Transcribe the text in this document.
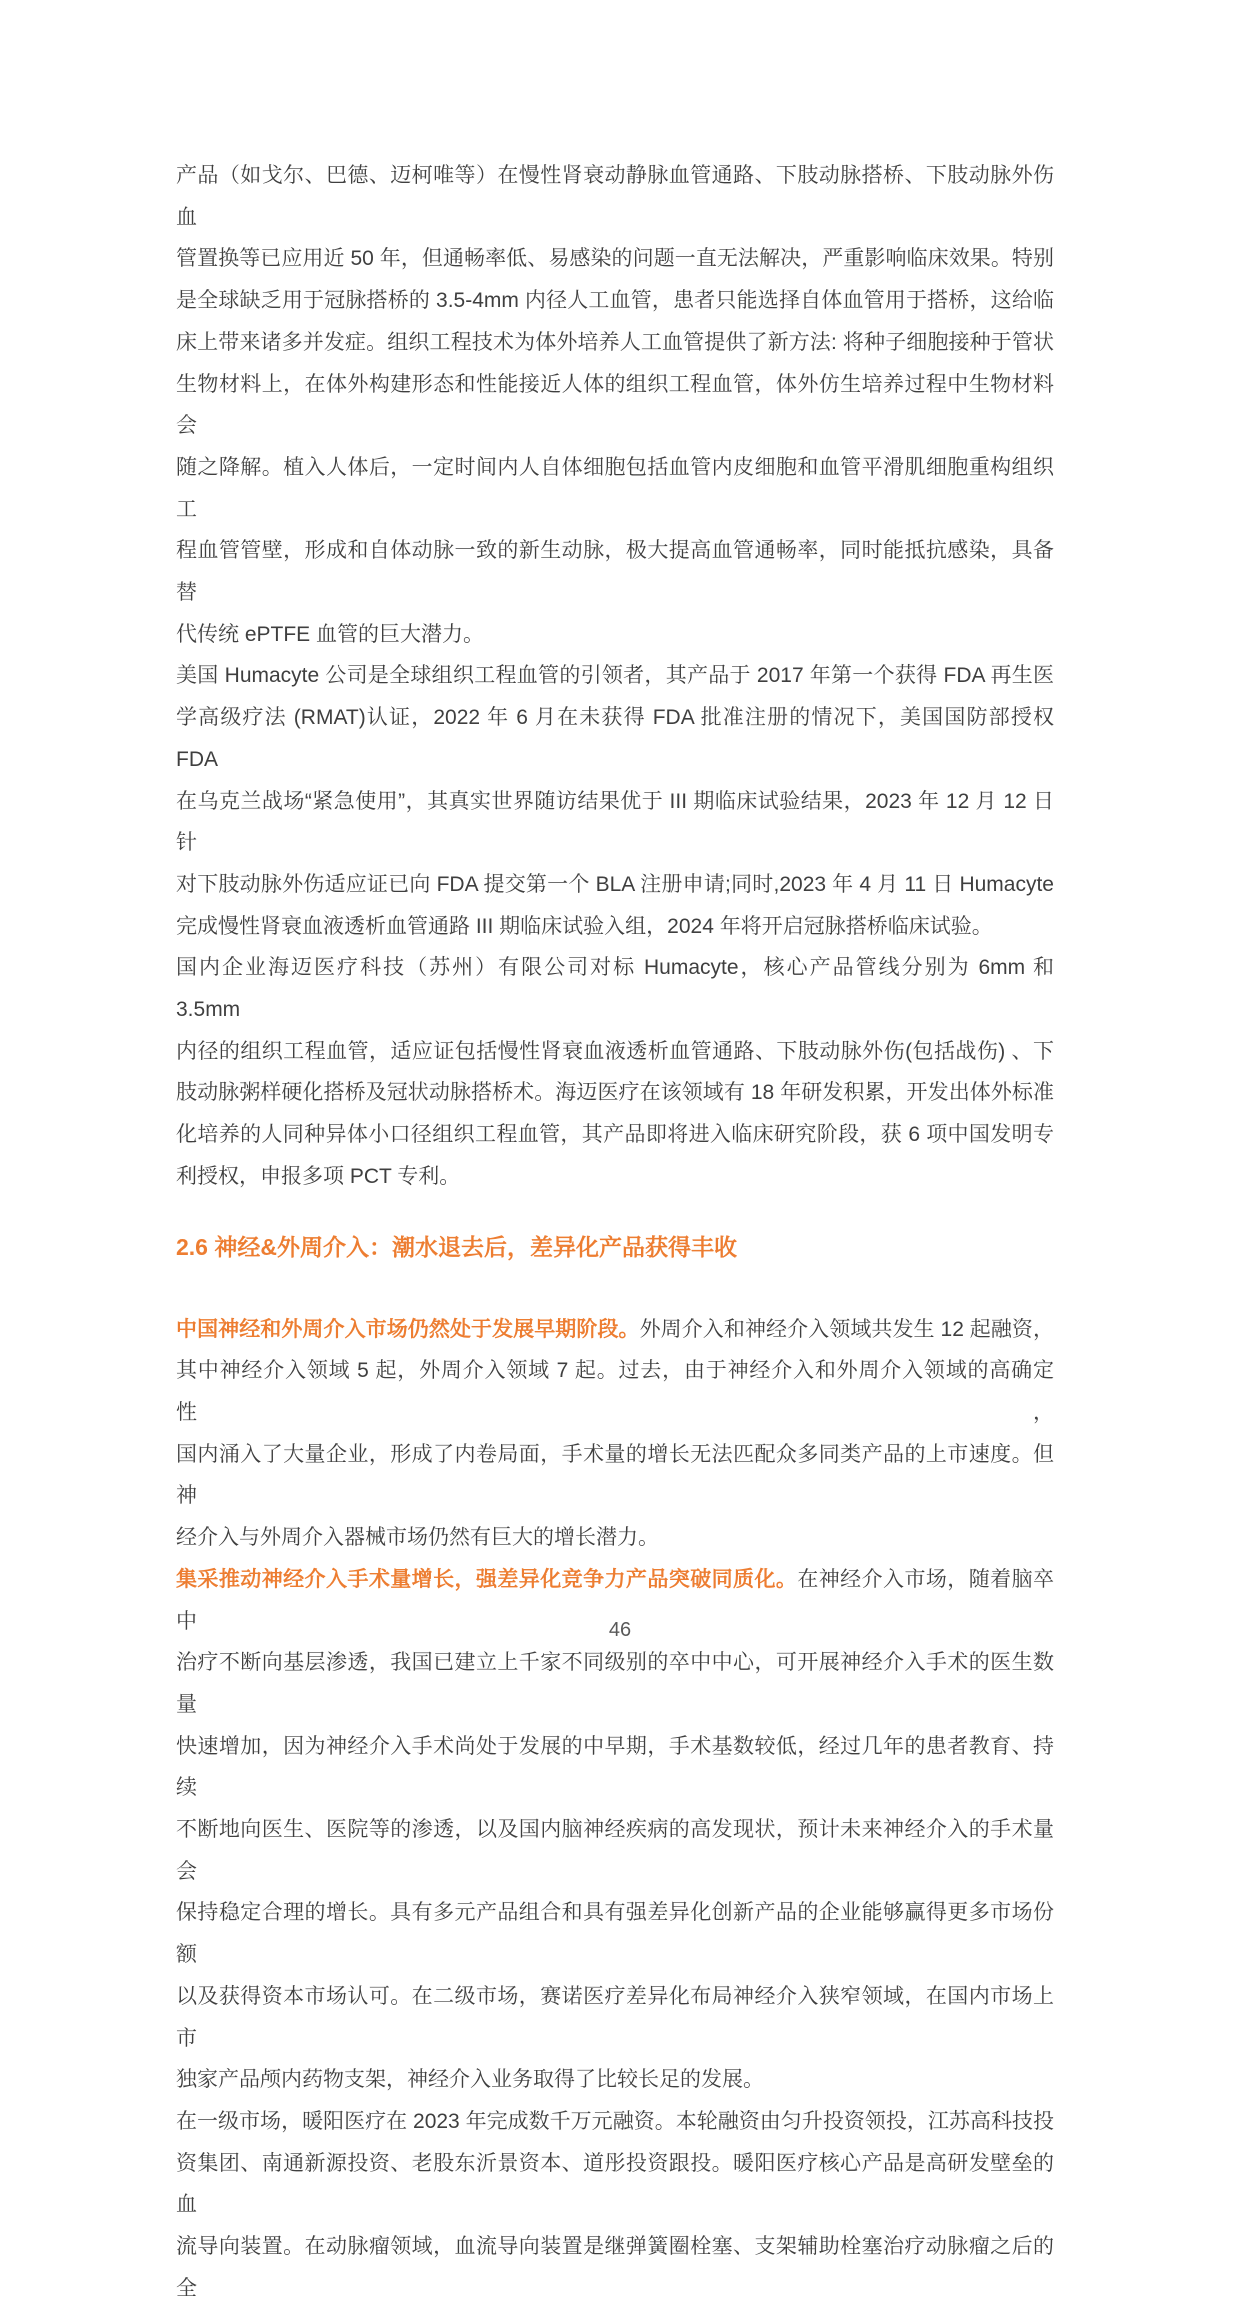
产品（如戈尔、巴德、迈柯唯等）在慢性肾衰动静脉血管通路、下肢动脉搭桥、下肢动脉外伤血
管置换等已应用近 50 年，但通畅率低、易感染的问题一直无法解决，严重影响临床效果。特别
是全球缺乏用于冠脉搭桥的 3.5-4mm 内径人工血管，患者只能选择自体血管用于搭桥，这给临
床上带来诸多并发症。组织工程技术为体外培养人工血管提供了新方法: 将种子细胞接种于管状
生物材料上，在体外构建形态和性能接近人体的组织工程血管，体外仿生培养过程中生物材料会
随之降解。植入人体后，一定时间内人自体细胞包括血管内皮细胞和血管平滑肌细胞重构组织工
程血管管壁，形成和自体动脉一致的新生动脉，极大提高血管通畅率，同时能抵抗感染，具备替
代传统 ePTFE 血管的巨大潜力。
美国 Humacyte 公司是全球组织工程血管的引领者，其产品于 2017 年第一个获得 FDA 再生医
学高级疗法 (RMAT)认证，2022 年 6 月在未获得 FDA 批准注册的情况下，美国国防部授权 FDA
在乌克兰战场“紧急使用”，其真实世界随访结果优于 III 期临床试验结果，2023 年 12 月 12 日针
对下肢动脉外伤适应证已向 FDA 提交第一个 BLA 注册申请;同时,2023 年 4 月 11 日 Humacyte
完成慢性肾衰血液透析血管通路 III 期临床试验入组，2024 年将开启冠脉搭桥临床试验。
国内企业海迈医疗科技（苏州）有限公司对标 Humacyte，核心产品管线分别为 6mm 和 3.5mm
内径的组织工程血管，适应证包括慢性肾衰血液透析血管通路、下肢动脉外伤(包括战伤) 、下
肢动脉粥样硬化搭桥及冠状动脉搭桥术。海迈医疗在该领域有 18 年研发积累，开发出体外标准
化培养的人同种异体小口径组织工程血管，其产品即将进入临床研究阶段，获 6 项中国发明专
利授权，申报多项 PCT 专利。
2.6 神经&外周介入：潮水退去后，差异化产品获得丰收
中国神经和外周介入市场仍然处于发展早期阶段。外周介入和神经介入领域共发生 12 起融资，
其中神经介入领域 5 起，外周介入领域 7 起。过去，由于神经介入和外周介入领域的高确定性，
国内涌入了大量企业，形成了内卷局面，手术量的增长无法匹配众多同类产品的上市速度。但神
经介入与外周介入器械市场仍然有巨大的增长潜力。
集采推动神经介入手术量增长，强差异化竞争力产品突破同质化。在神经介入市场，随着脑卒中
治疗不断向基层渗透，我国已建立上千家不同级别的卒中中心，可开展神经介入手术的医生数量
快速增加，因为神经介入手术尚处于发展的中早期，手术基数较低，经过几年的患者教育、持续
不断地向医生、医院等的渗透，以及国内脑神经疾病的高发现状，预计未来神经介入的手术量会
保持稳定合理的增长。具有多元产品组合和具有强差异化创新产品的企业能够赢得更多市场份额
以及获得资本市场认可。在二级市场，赛诺医疗差异化布局神经介入狭窄领域，在国内市场上市
独家产品颅内药物支架，神经介入业务取得了比较长足的发展。
在一级市场，暖阳医疗在 2023 年完成数千万元融资。本轮融资由匀升投资领投，江苏高科技投
资集团、南通新源投资、老股东沂景资本、道彤投资跟投。暖阳医疗核心产品是高研发壁垒的血
流导向装置。在动脉瘤领域，血流导向装置是继弹簧圈栓塞、支架辅助栓塞治疗动脉瘤之后的全
46
